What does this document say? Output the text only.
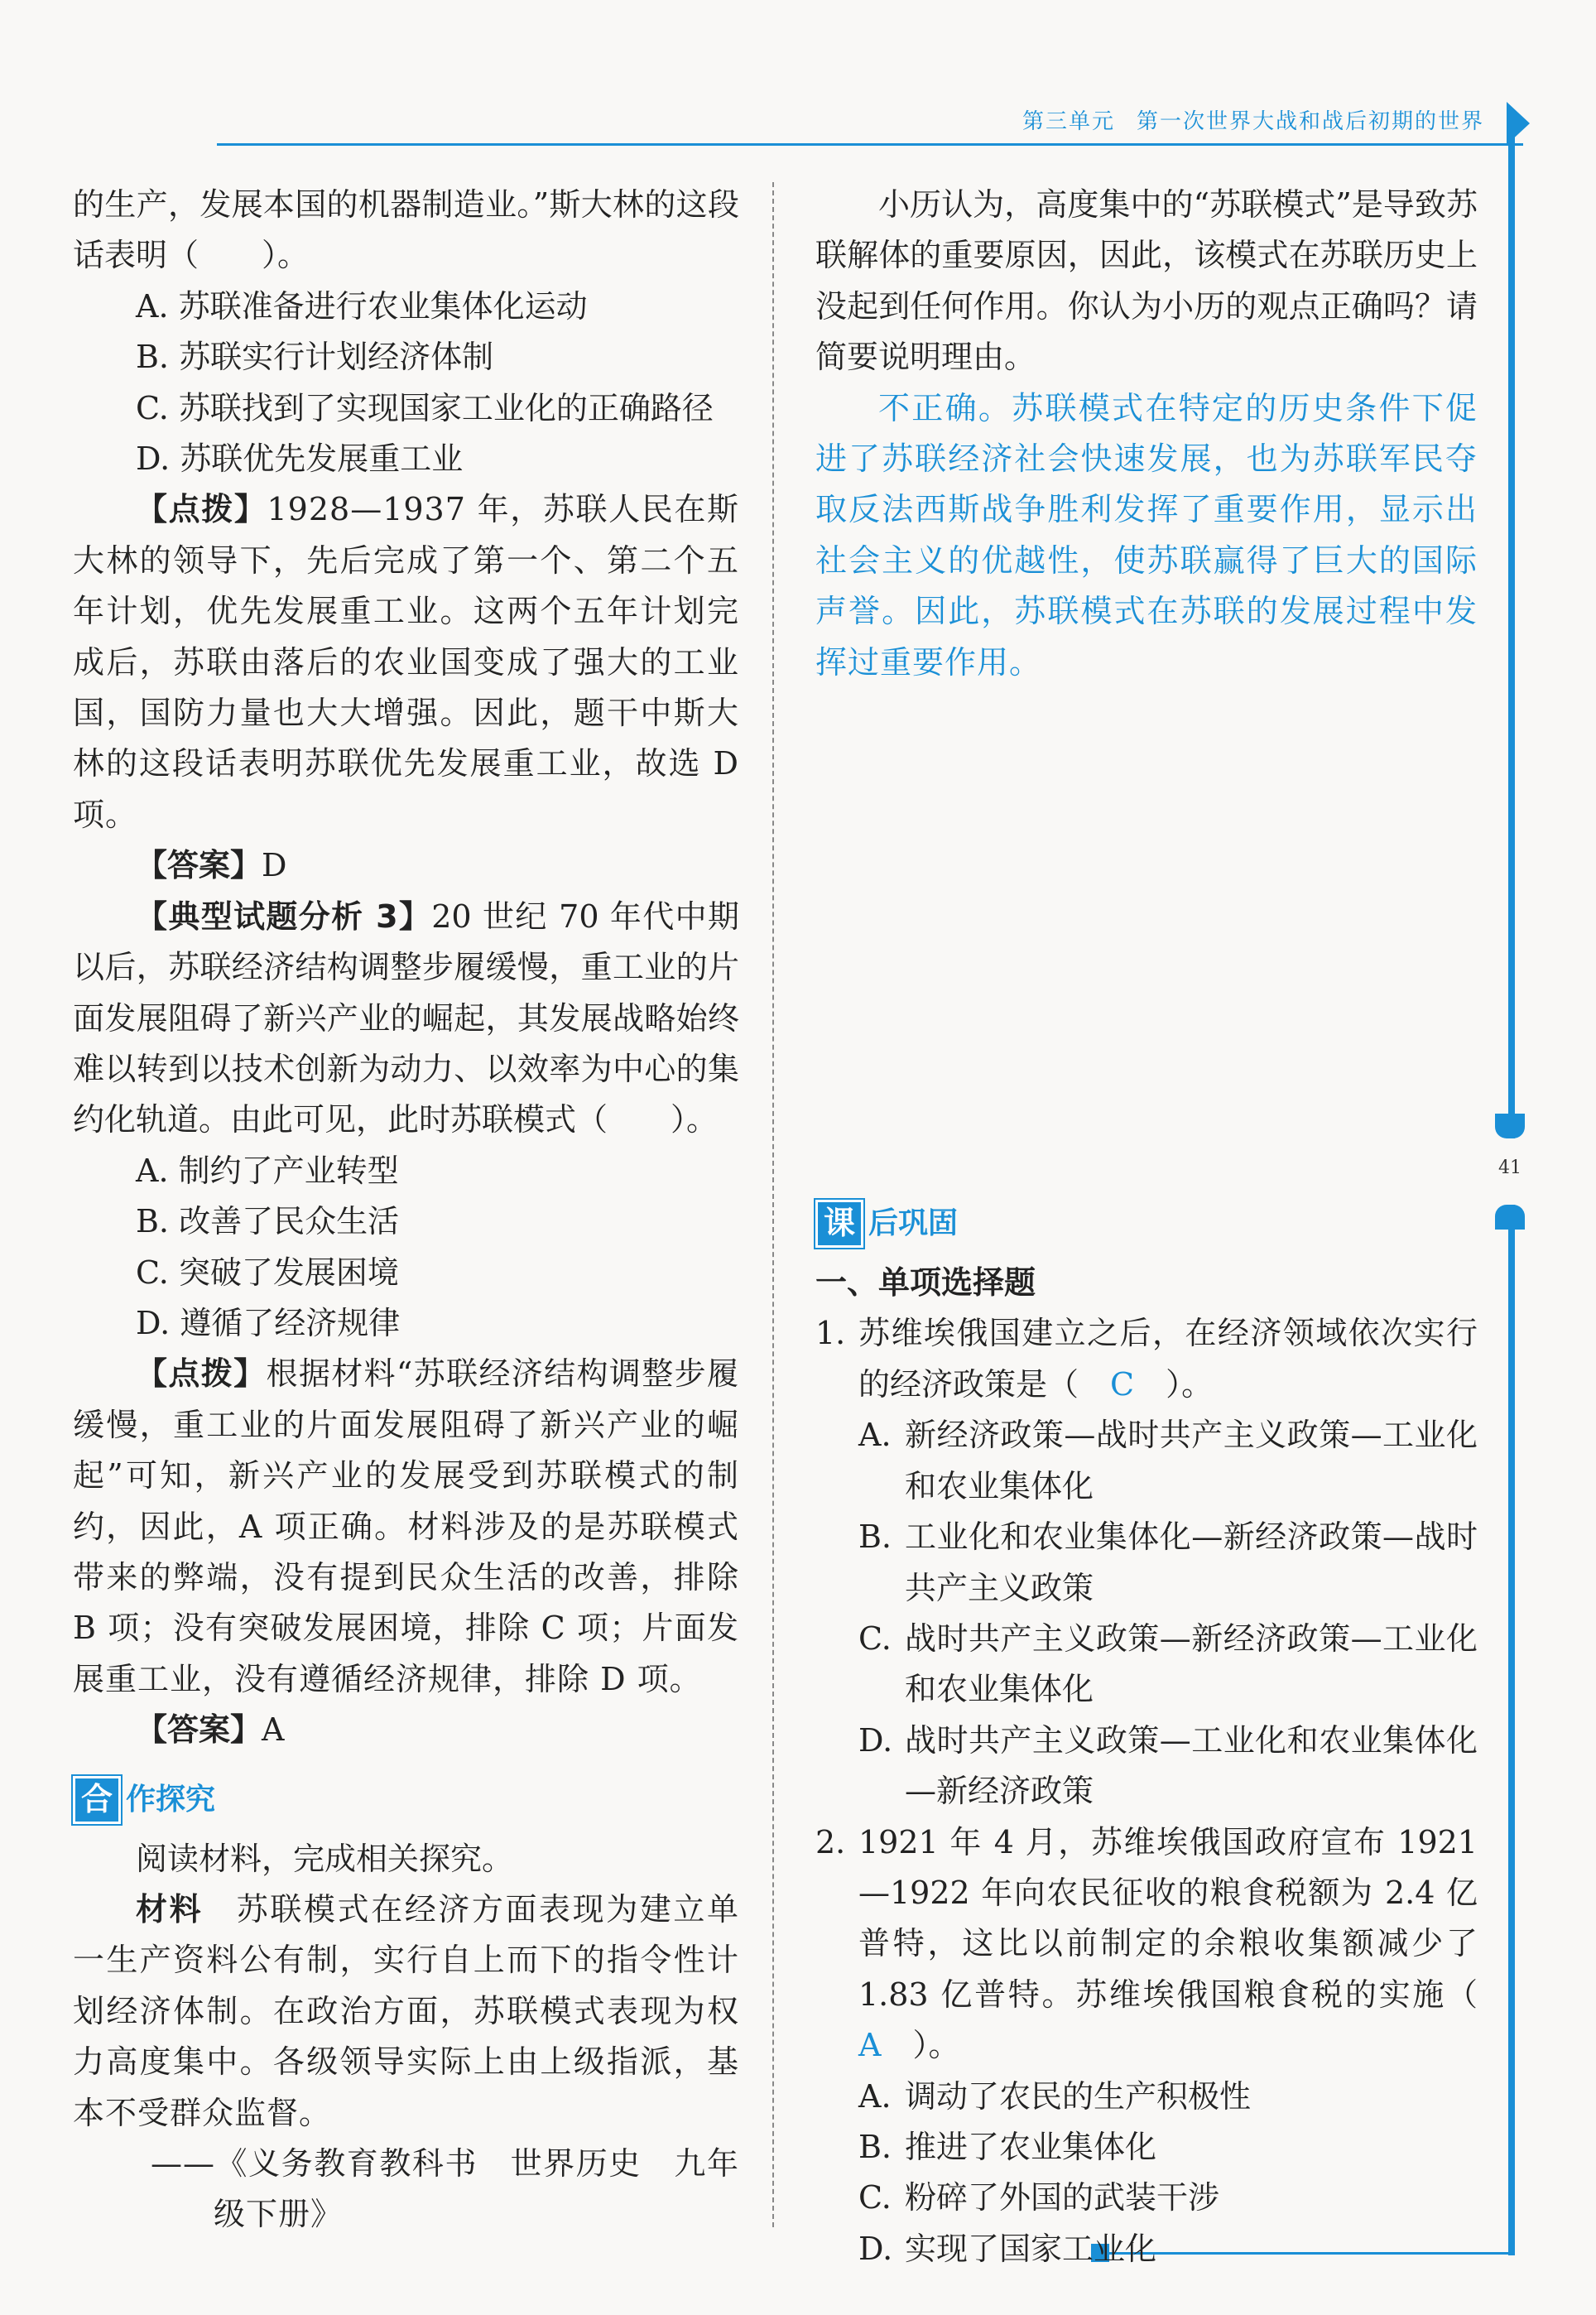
第三单元 第一次世界大战和战后初期的世界
41

的生产，发展本国的机器制造业。”斯大林的这段话表明（　　）。

A. 苏联准备进行农业集体化运动

B. 苏联实行计划经济体制

C. 苏联找到了实现国家工业化的正确路径

D. 苏联优先发展重工业

【点拨】1928—1937 年，苏联人民在斯大林的领导下，先后完成了第一个、第二个五年计划，优先发展重工业。这两个五年计划完成后，苏联由落后的农业国变成了强大的工业国，国防力量也大大增强。因此，题干中斯大林的这段话表明苏联优先发展重工业，故选 D 项。

【答案】D

【典型试题分析 3】20 世纪 70 年代中期以后，苏联经济结构调整步履缓慢，重工业的片面发展阻碍了新兴产业的崛起，其发展战略始终难以转到以技术创新为动力、以效率为中心的集约化轨道。由此可见，此时苏联模式（　　）。

A. 制约了产业转型

B. 改善了民众生活

C. 突破了发展困境

D. 遵循了经济规律

【点拨】根据材料“苏联经济结构调整步履缓慢，重工业的片面发展阻碍了新兴产业的崛起”可知，新兴产业的发展受到苏联模式的制约，因此，A 项正确。材料涉及的是苏联模式带来的弊端，没有提到民众生活的改善，排除 B 项；没有突破发展困境，排除 C 项；片面发展重工业，没有遵循经济规律，排除 D 项。

【答案】A

合 作探究

阅读材料，完成相关探究。

材料　 苏联模式在经济方面表现为建立单一生产资料公有制，实行自上而下的指令性计划经济体制。在政治方面，苏联模式表现为权力高度集中。各级领导实际上由上级指派，基本不受群众监督。

——《义务教育教科书　世界历史　九年级下册》

小历认为，高度集中的“苏联模式”是导致苏联解体的重要原因，因此，该模式在苏联历史上没起到任何作用。你认为小历的观点正确吗？请简要说明理由。

不正确。苏联模式在特定的历史条件下促进了苏联经济社会快速发展，也为苏联军民夺取反法西斯战争胜利发挥了重要作用，显示出社会主义的优越性，使苏联赢得了巨大的国际声誉。因此，苏联模式在苏联的发展过程中发挥过重要作用。

课 后巩固

一、单项选择题

1. 苏维埃俄国建立之后，在经济领域依次实行的经济政策是（　C　）。
A. 新经济政策—战时共产主义政策—工业化和农业集体化
B. 工业化和农业集体化—新经济政策—战时共产主义政策
C. 战时共产主义政策—新经济政策—工业化和农业集体化
D. 战时共产主义政策—工业化和农业集体化—新经济政策
2. 1921 年 4 月，苏维埃俄国政府宣布 1921—1922 年向农民征收的粮食税额为 2.4 亿普特，这比以前制定的余粮收集额减少了 1.83 亿普特。苏维埃俄国粮食税的实施（　A　）。
A. 调动了农民的生产积极性
B. 推进了农业集体化
C. 粉碎了外国的武装干涉
D. 实现了国家工业化
